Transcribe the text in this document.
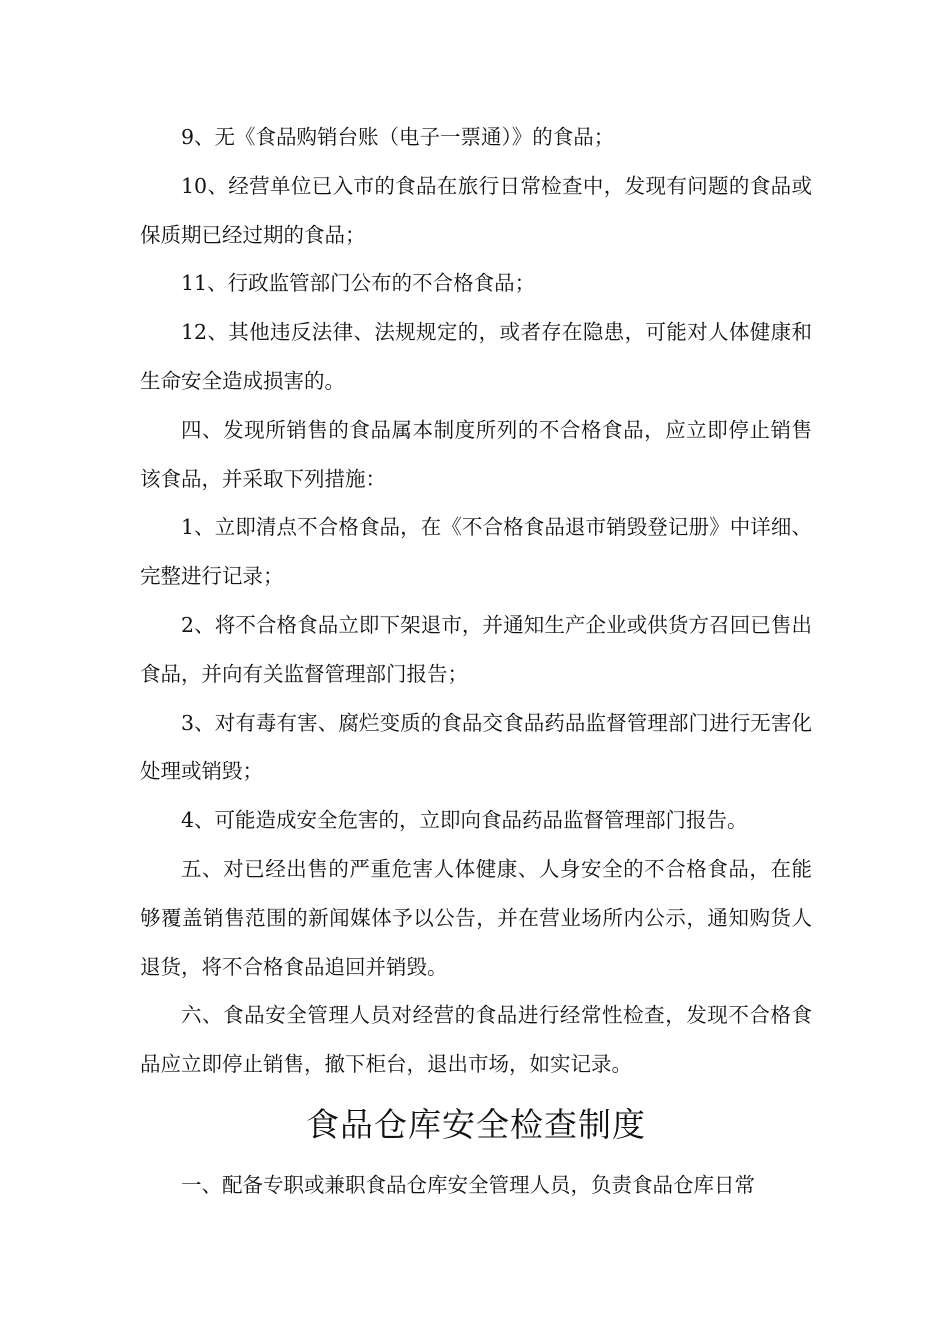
9、无《食品购销台账（电子一票通）》的食品；

10、经营单位已入市的食品在旅行日常检查中，发现有问题的食品或保质期已经过期的食品；

11、行政监管部门公布的不合格食品；

12、其他违反法律、法规规定的，或者存在隐患，可能对人体健康和生命安全造成损害的。

四、发现所销售的食品属本制度所列的不合格食品，应立即停止销售该食品，并采取下列措施：

1、立即清点不合格食品，在《不合格食品退市销毁登记册》中详细、完整进行记录；

2、将不合格食品立即下架退市，并通知生产企业或供货方召回已售出食品，并向有关监督管理部门报告；

3、对有毒有害、腐烂变质的食品交食品药品监督管理部门进行无害化处理或销毁；

4、可能造成安全危害的，立即向食品药品监督管理部门报告。

五、对已经出售的严重危害人体健康、人身安全的不合格食品，在能够覆盖销售范围的新闻媒体予以公告，并在营业场所内公示，通知购货人退货，将不合格食品追回并销毁。

六、食品安全管理人员对经营的食品进行经常性检查，发现不合格食品应立即停止销售，撤下柜台，退出市场，如实记录。

食品仓库安全检查制度

一、配备专职或兼职食品仓库安全管理人员，负责食品仓库日常
